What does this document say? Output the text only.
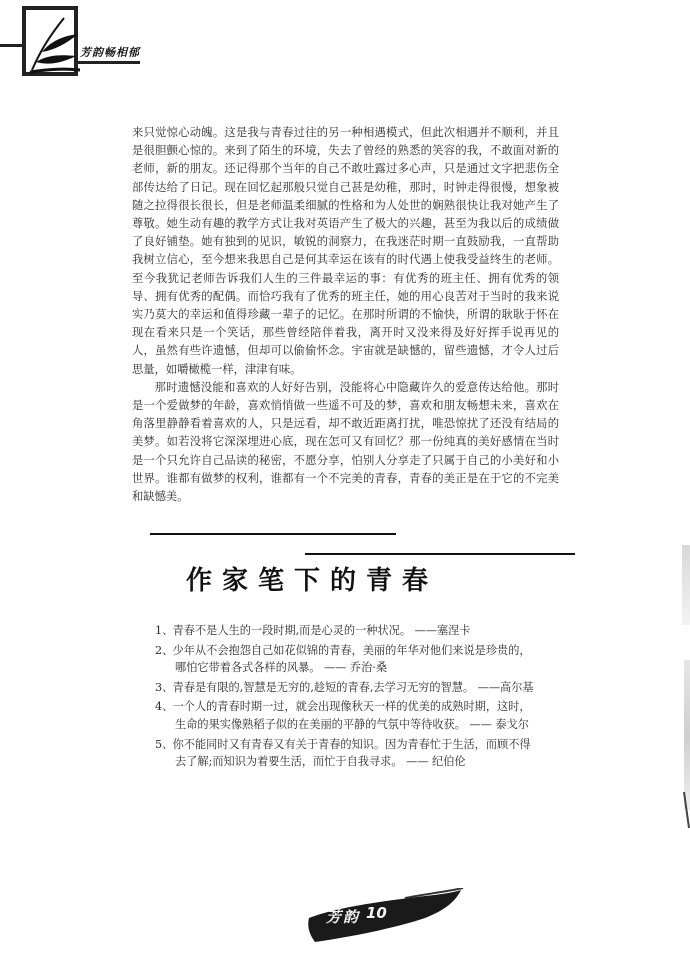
芳韵畅相郁

来只觉惊心动魄。这是我与青春过往的另一种相遇模式，但此次相遇并不顺利，并且是很胆颤心惊的。来到了陌生的环境，失去了曾经的熟悉的笑容的我，不敢面对新的老师，新的朋友。还记得那个当年的自己不敢吐露过多心声，只是通过文字把悲伤全部传达给了日记。现在回忆起那般只觉自己甚是幼稚，那时，时钟走得很慢，想象被随之拉得很长很长，但是老师温柔细腻的性格和为人处世的娴熟很快让我对她产生了尊敬。她生动有趣的教学方式让我对英语产生了极大的兴趣，甚至为我以后的成绩做了良好铺垫。她有独到的见识，敏锐的洞察力，在我迷茫时期一直鼓励我，一直帮助我树立信心，至今想来我思自己是何其幸运在该有的时代遇上使我受益终生的老师。至今我犹记老师告诉我们人生的三件最幸运的事：有优秀的班主任、拥有优秀的领导、拥有优秀的配偶。而恰巧我有了优秀的班主任，她的用心良苦对于当时的我来说实乃莫大的幸运和值得珍藏一辈子的记忆。在那时所谓的不愉快，所谓的耿耿于怀在现在看来只是一个笑话，那些曾经陪伴着我，离开时又没来得及好好挥手说再见的人，虽然有些许遗憾，但却可以偷偷怀念。宇宙就是缺憾的，留些遗憾，才令人过后思量，如嚼橄榄一样，津津有味。

那时遗憾没能和喜欢的人好好告别，没能将心中隐藏许久的爱意传达给他。那时是一个爱做梦的年龄，喜欢悄悄做一些遥不可及的梦，喜欢和朋友畅想未来，喜欢在角落里静静看着喜欢的人，只是远看，却不敢近距离打扰，唯恐惊扰了还没有结局的美梦。如若没将它深深埋进心底，现在怎可又有回忆？那一份纯真的美好感情在当时是一个只允许自己品读的秘密，不愿分享，怕别人分享走了只属于自己的小美好和小世界。谁都有做梦的权利，谁都有一个不完美的青春，青春的美正是在于它的不完美和缺憾美。

作家笔下的青春
1、 青春不是人生的一段时期,而是心灵的一种状况。 ——塞涅卡
2、 少年从不会抱怨自己如花似锦的青春，美丽的年华对他们来说是珍贵的，
哪怕它带着各式各样的风暴。 —— 乔治·桑
3、 青春是有限的,智慧是无穷的,趁短的青春,去学习无穷的智慧。 ——高尔基
4、 一个人的青春时期一过，就会出现像秋天一样的优美的成熟时期，这时，
生命的果实像熟稻子似的在美丽的平静的气氛中等待收获。 —— 泰戈尔
5、 你不能同时又有青春又有关于青春的知识。因为青春忙于生活，而顾不得
去了解;而知识为着要生活，而忙于自我寻求。 —— 纪伯伦
芳韵 10
